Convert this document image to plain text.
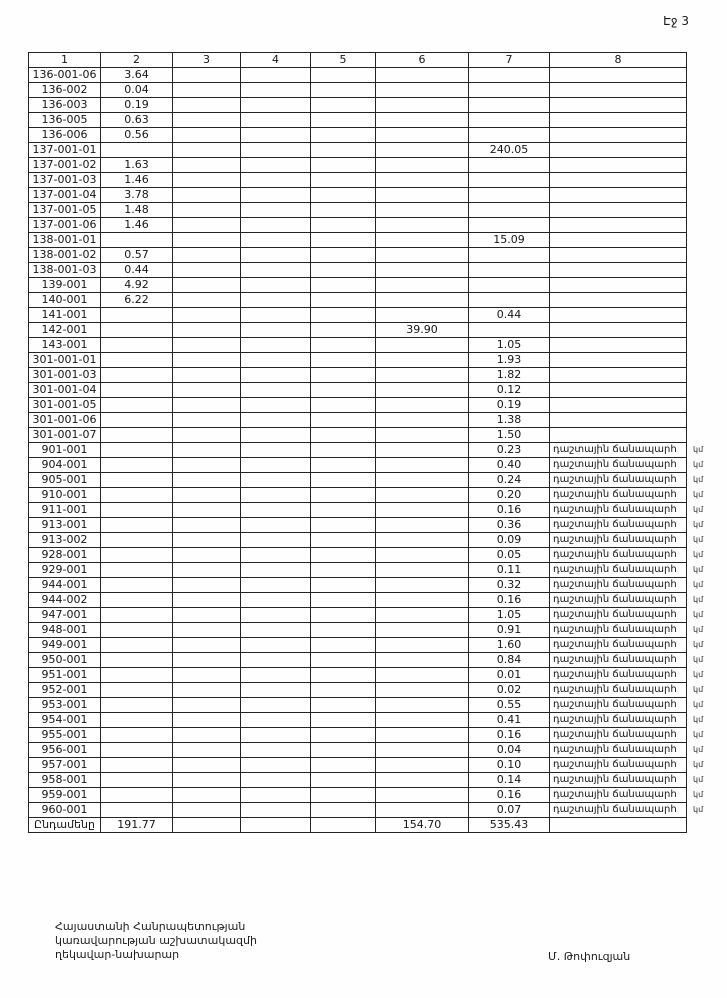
Էջ 3
1	2	3	4	5	6	7	8	
136-001-06	3.64							
136-002	0.04							
136-003	0.19							
136-005	0.63							
136-006	0.56							
137-001-01						240.05		
137-001-02	1.63							
137-001-03	1.46							
137-001-04	3.78							
137-001-05	1.48							
137-001-06	1.46							
138-001-01						15.09		
138-001-02	0.57							
138-001-03	0.44							
139-001	4.92							
140-001	6.22							
141-001						0.44		
142-001					39.90			
143-001						1.05		
301-001-01						1.93		
301-001-03						1.82		
301-001-04						0.12		
301-001-05						0.19		
301-001-06						1.38		
301-001-07						1.50		
901-001						0.23	դաշտային ճանապարհ	կմ
904-001						0.40	դաշտային ճանապարհ	կմ
905-001						0.24	դաշտային ճանապարհ	կմ
910-001						0.20	դաշտային ճանապարհ	կմ
911-001						0.16	դաշտային ճանապարհ	կմ
913-001						0.36	դաշտային ճանապարհ	կմ
913-002						0.09	դաշտային ճանապարհ	կմ
928-001						0.05	դաշտային ճանապարհ	կմ
929-001						0.11	դաշտային ճանապարհ	կմ
944-001						0.32	դաշտային ճանապարհ	կմ
944-002						0.16	դաշտային ճանապարհ	կմ
947-001						1.05	դաշտային ճանապարհ	կմ
948-001						0.91	դաշտային ճանապարհ	կմ
949-001						1.60	դաշտային ճանապարհ	կմ
950-001						0.84	դաշտային ճանապարհ	կմ
951-001						0.01	դաշտային ճանապարհ	կմ
952-001						0.02	դաշտային ճանապարհ	կմ
953-001						0.55	դաշտային ճանապարհ	կմ
954-001						0.41	դաշտային ճանապարհ	կմ
955-001						0.16	դաշտային ճանապարհ	կմ
956-001						0.04	դաշտային ճանապարհ	կմ
957-001						0.10	դաշտային ճանապարհ	կմ
958-001						0.14	դաշտային ճանապարհ	կմ
959-001						0.16	դաշտային ճանապարհ	կմ
960-001						0.07	դաշտային ճանապարհ	կմ
Ընդամենը	191.77				154.70	535.43		
Հայաստանի Հանրապետության
կառավարության աշխատակազմի
ղեկավար-նախարար	Մ. Թոփուզյան
